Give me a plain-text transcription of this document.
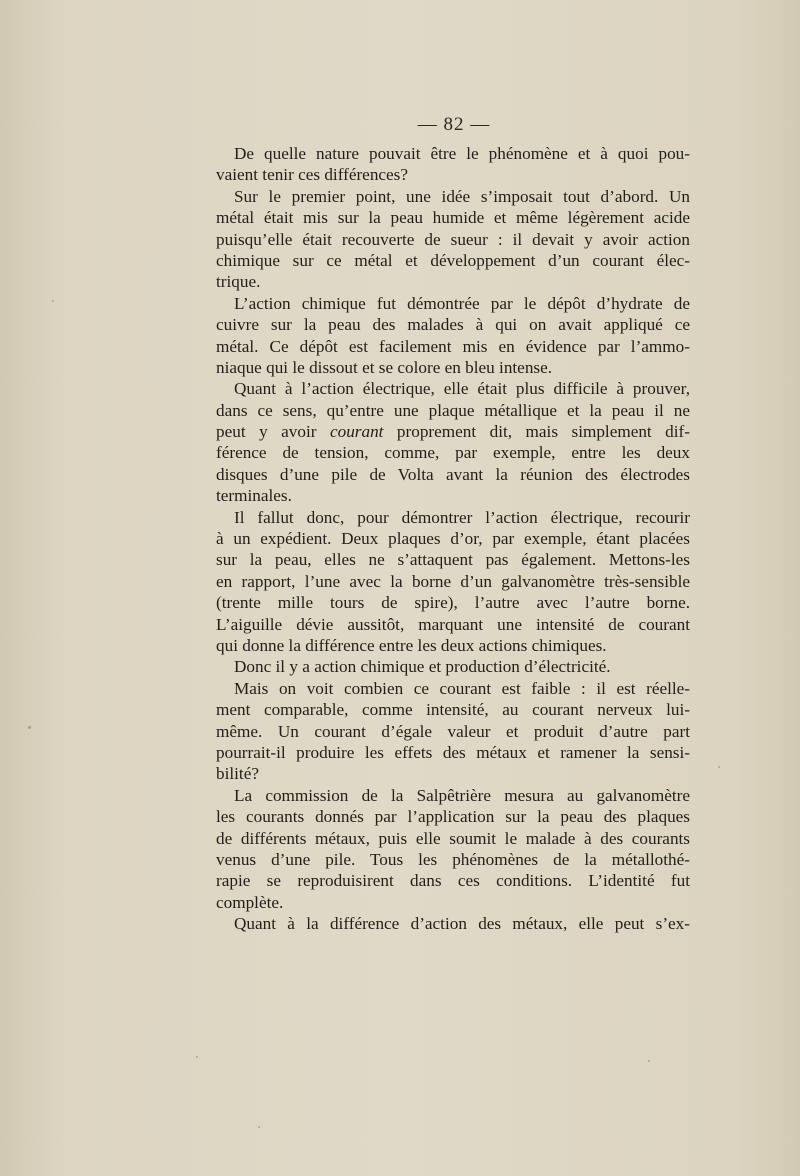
— 82 —
De quelle nature pouvait être le phénomène et à quoi pou-
vaient tenir ces différences?
Sur le premier point, une idée s’imposait tout d’abord. Un
métal était mis sur la peau humide et même légèrement acide
puisqu’elle était recouverte de sueur : il devait y avoir action
chimique sur ce métal et développement d’un courant élec-
trique.
L’action chimique fut démontrée par le dépôt d’hydrate de
cuivre sur la peau des malades à qui on avait appliqué ce
métal. Ce dépôt est facilement mis en évidence par l’ammo-
niaque qui le dissout et se colore en bleu intense.
Quant à l’action électrique, elle était plus difficile à prouver,
dans ce sens, qu’entre une plaque métallique et la peau il ne
peut y avoir courant proprement dit, mais simplement dif-
férence de tension, comme, par exemple, entre les deux
disques d’une pile de Volta avant la réunion des électrodes
terminales.
Il fallut donc, pour démontrer l’action électrique, recourir
à un expédient. Deux plaques d’or, par exemple, étant placées
sur la peau, elles ne s’attaquent pas également. Mettons-les
en rapport, l’une avec la borne d’un galvanomètre très-sensible
(trente mille tours de spire), l’autre avec l’autre borne.
L’aiguille dévie aussitôt, marquant une intensité de courant
qui donne la différence entre les deux actions chimiques.
Donc il y a action chimique et production d’électricité.
Mais on voit combien ce courant est faible : il est réelle-
ment comparable, comme intensité, au courant nerveux lui-
même. Un courant d’égale valeur et produit d’autre part
pourrait-il produire les effets des métaux et ramener la sensi-
bilité?
La commission de la Salpêtrière mesura au galvanomètre
les courants donnés par l’application sur la peau des plaques
de différents métaux, puis elle soumit le malade à des courants
venus d’une pile. Tous les phénomènes de la métallothé-
rapie se reproduisirent dans ces conditions. L’identité fut
complète.
Quant à la différence d’action des métaux, elle peut s’ex-
